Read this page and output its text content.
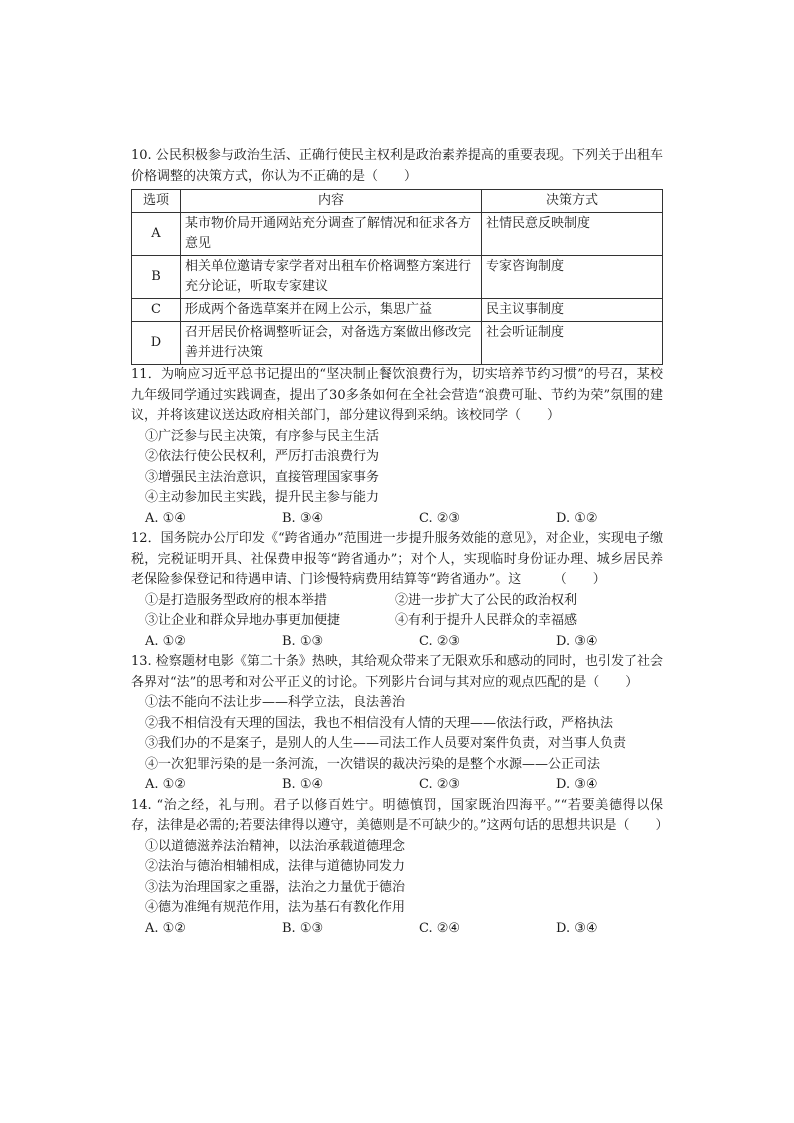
10. 公民积极参与政治生活、正确行使民主权利是政治素养提高的重要表现。下列关于出租车价格调整的决策方式，你认为不正确的是（　　）

选项	内容	决策方式
A	某市物价局开通网站充分调查了解情况和征求各方意见	社情民意反映制度
B	相关单位邀请专家学者对出租车价格调整方案进行充分论证，听取专家建议	专家咨询制度
C	形成两个备选草案并在网上公示，集思广益	民主议事制度
D	召开居民价格调整听证会，对备选方案做出修改完善并进行决策	社会听证制度

11．为响应习近平总书记提出的“坚决制止餐饮浪费行为，切实培养节约习惯”的号召，某校九年级同学通过实践调查，提出了30多条如何在全社会营造“浪费可耻、节约为荣”氛围的建议，并将该建议送达政府相关部门，部分建议得到采纳。该校同学（　　）

①广泛参与民主决策，有序参与民主生活

②依法行使公民权利，严厉打击浪费行为

③增强民主法治意识，直接管理国家事务

④主动参加民主实践，提升民主参与能力

A. ①④	B. ③④	C. ②③	D. ①②

12．国务院办公厅印发《“跨省通办”范围进一步提升服务效能的意见》，对企业，实现电子缴税，完税证明开具、社保费申报等“跨省通办”；对个人，实现临时身份证办理、城乡居民养老保险参保登记和待遇申请、门诊慢特病费用结算等“跨省通办”。这　　　（　　）

①是打造服务型政府的根本举措	②进一步扩大了公民的政治权利
③让企业和群众异地办事更加便捷	④有利于提升人民群众的幸福感
A. ①②	B. ①③	C. ②③	D. ③④

13. 检察题材电影《第二十条》热映，其给观众带来了无限欢乐和感动的同时，也引发了社会各界对“法”的思考和对公平正义的讨论。下列影片台词与其对应的观点匹配的是（　　）

①法不能向不法让步——科学立法，良法善治

②我不相信没有天理的国法，我也不相信没有人情的天理——依法行政，严格执法

③我们办的不是案子，是别人的人生——司法工作人员要对案件负责，对当事人负责

④一次犯罪污染的是一条河流，一次错误的裁决污染的是整个水源——公正司法

A. ①②	B. ①④	C. ②③	D. ③④

14. “治之经，礼与刑。君子以修百姓宁。明德慎罚，国家既治四海平。”“若要美德得以保存，法律是必需的;若要法律得以遵守，美德则是不可缺少的。”这两句话的思想共识是（　　）

①以道德滋养法治精神，以法治承载道德理念

②法治与德治相辅相成，法律与道德协同发力

③法为治理国家之重器，法治之力量优于德治

④德为准绳有规范作用，法为基石有教化作用

A. ①②	B. ①③	C. ②④	D. ③④
